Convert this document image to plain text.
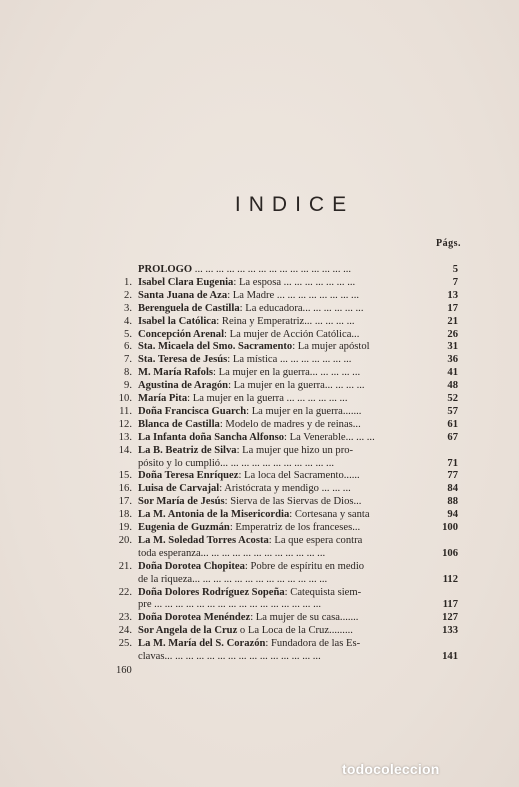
INDICE
Págs.
PROLOGO ... ... ... ... ... ... ... ... ... ... ... ... ... ... ...	5
1. Isabel Clara Eugenia: La esposa ... ... ... ... ... ... ...	7
2. Santa Juana de Aza: La Madre ... ... ... ... ... ... ... ...	13
3. Berenguela de Castilla: La educadora... ... ... ... ... ...	17
4. Isabel la Católica: Reina y Emperatriz... ... ... ... ...	21
5. Concepción Arenal: La mujer de Acción Católica...	26
6. Sta. Micaela del Smo. Sacramento: La mujer apóstol	31
7. Sta. Teresa de Jesús: La mística ... ... ... ... ... ... ...	36
8. M. María Rafols: La mujer en la guerra... ... ... ... ...	41
9. Agustina de Aragón: La mujer en la guerra... ... ... ...	48
10. María Pita: La mujer en la guerra ... ... ... ... ... ...	52
11. Doña Francisca Guarch: La mujer en la guerra.......	57
12. Blanca de Castilla: Modelo de madres y de reinas...	61
13. La Infanta doña Sancha Alfonso: La Venerable... ... ...	67
14. La B. Beatriz de Silva: La mujer que hizo un pro-
pósito y lo cumplió... ... ... ... ... ... ... ... ... ... ...	71
15. Doña Teresa Enríquez: La loca del Sacramento......	77
16. Luisa de Carvajal: Aristócrata y mendigo ... ... ...	84
17. Sor María de Jesús: Sierva de las Siervas de Dios...	88
18. La M. Antonia de la Misericordia: Cortesana y santa	94
19. Eugenia de Guzmán: Emperatriz de los franceses...	100
20. La M. Soledad Torres Acosta: La que espera contra
toda esperanza... ... ... ... ... ... ... ... ... ... ... ...	106
21. Doña Dorotea Chopitea: Pobre de espíritu en medio
de la riqueza... ... ... ... ... ... ... ... ... ... ... ... ...	112
22. Doña Dolores Rodríguez Sopeña: Catequista siem-
pre ... ... ... ... ... ... ... ... ... ... ... ... ... ... ... ...	117
23. Doña Dorotea Menéndez: La mujer de su casa.......	127
24. Sor Angela de la Cruz o La Loca de la Cruz.........	133
25. La M. María del S. Corazón: Fundadora de las Es-
clavas... ... ... ... ... ... ... ... ... ... ... ... ... ... ...	141
160
todocoleccion
